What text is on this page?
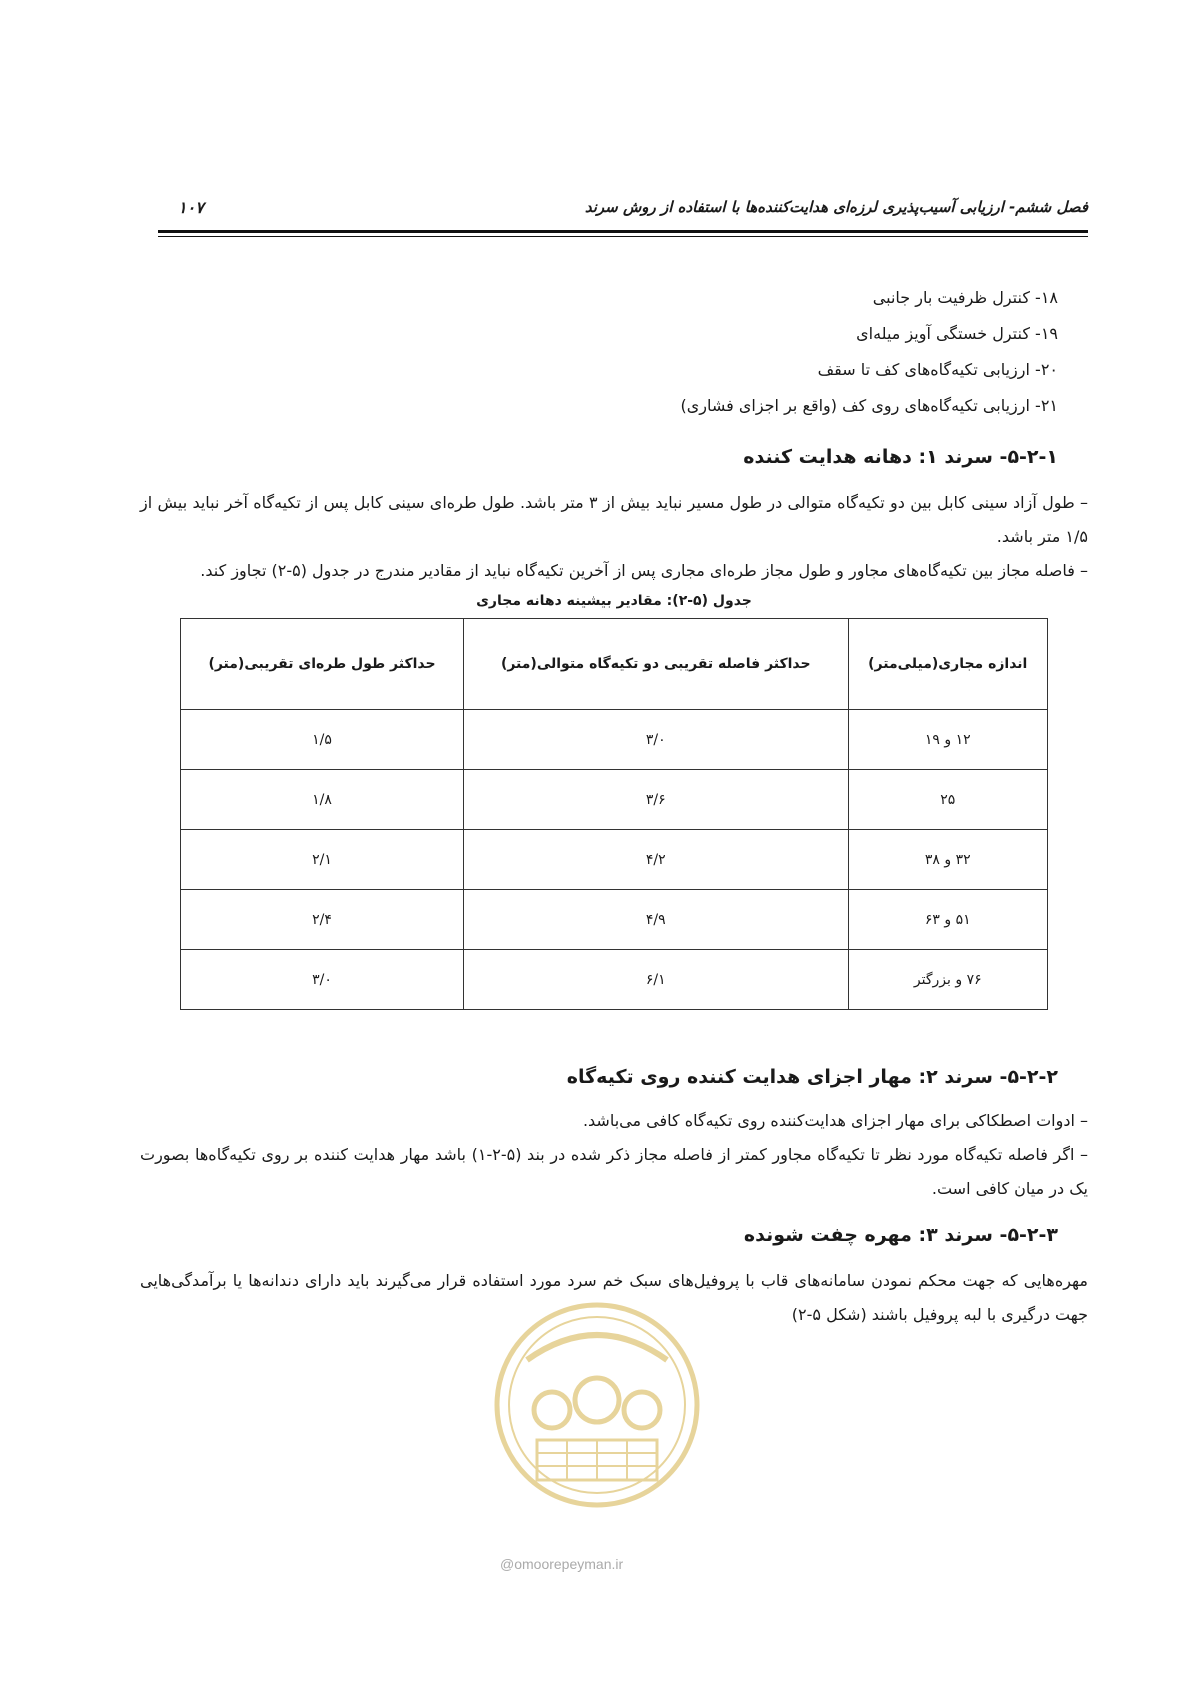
فصل ششم- ارزیابی آسیب‌پذیری لرزه‌ای هدایت‌کننده‌ها با استفاده از روش سرند
۱۰۷
۱۸- کنترل ظرفیت بار جانبی
۱۹- کنترل خستگی آویز میله‌ای
۲۰- ارزیابی تکیه‌گاه‌های کف تا سقف
۲۱- ارزیابی تکیه‌گاه‌های روی کف (واقع بر اجزای فشاری)
۵-۲-۱- سرند ۱: دهانه هدایت کننده

– طول آزاد سینی کابل بین دو تکیه‌گاه متوالی در طول مسیر نباید بیش از ۳ متر باشد. طول طره‌ای سینی کابل پس از تکیه‌گاه آخر نباید بیش از ۱/۵ متر باشد.

– فاصله مجاز بین تکیه‌گاه‌های مجاور و طول مجاز طره‌ای مجاری پس از آخرین تکیه‌گاه نباید از مقادیر مندرج در جدول (۵-۲) تجاوز کند.

جدول (۵-۲): مقادیر بیشینه دهانه مجاری
اندازه مجاری(میلی‌متر)	حداکثر فاصله تقریبی دو تکیه‌گاه متوالی(متر)	حداکثر طول طره‌ای تقریبی(متر)
۱۲ و ۱۹	۳/۰	۱/۵
۲۵	۳/۶	۱/۸
۳۲ و ۳۸	۴/۲	۲/۱
۵۱ و ۶۳	۴/۹	۲/۴
۷۶ و بزرگتر	۶/۱	۳/۰
۵-۲-۲- سرند ۲: مهار اجزای هدایت کننده روی تکیه‌گاه

– ادوات اصطکاکی برای مهار اجزای هدایت‌کننده روی تکیه‌گاه کافی می‌باشد.

– اگر فاصله تکیه‌گاه مورد نظر تا تکیه‌گاه مجاور کمتر از فاصله مجاز ذکر شده در بند (۵-۲-۱) باشد مهار هدایت کننده بر روی تکیه‌گاه‌ها بصورت یک در میان کافی است.

۵-۲-۳- سرند ۳: مهره چفت شونده

مهره‌هایی که جهت محکم نمودن سامانه‌های قاب با پروفیل‌های سبک خم سرد مورد استفاده قرار می‌گیرند باید دارای دندانه‌ها یا برآمدگی‌هایی جهت درگیری با لبه پروفیل باشند (شکل ۵-۲)

@omoorepeyman.ir
